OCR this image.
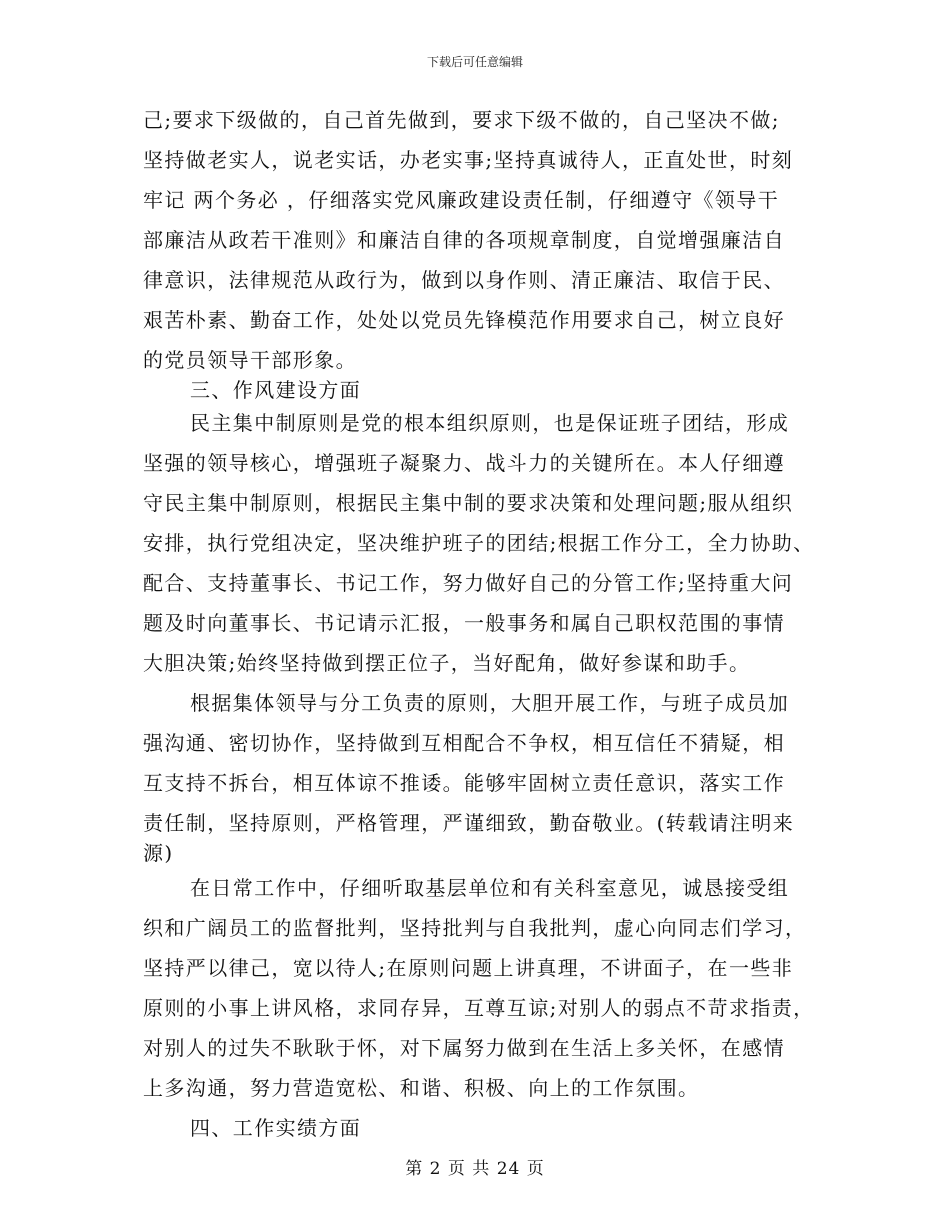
下载后可任意编辑
己;要求下级做的，自己首先做到，要求下级不做的，自己坚决不做;
坚持做老实人，说老实话，办老实事;坚持真诚待人，正直处世，时刻
牢记 两个务必 ，仔细落实党风廉政建设责任制，仔细遵守《领导干
部廉洁从政若干准则》和廉洁自律的各项规章制度，自觉增强廉洁自
律意识，法律规范从政行为，做到以身作则、清正廉洁、取信于民、
艰苦朴素、勤奋工作，处处以党员先锋模范作用要求自己，树立良好
的党员领导干部形象。
三、作风建设方面
民主集中制原则是党的根本组织原则，也是保证班子团结，形成
坚强的领导核心，增强班子凝聚力、战斗力的关键所在。本人仔细遵
守民主集中制原则，根据民主集中制的要求决策和处理问题;服从组织
安排，执行党组决定，坚决维护班子的团结;根据工作分工，全力协助、
配合、支持董事长、书记工作，努力做好自己的分管工作;坚持重大问
题及时向董事长、书记请示汇报，一般事务和属自己职权范围的事情
大胆决策;始终坚持做到摆正位子，当好配角，做好参谋和助手。
根据集体领导与分工负责的原则，大胆开展工作，与班子成员加
强沟通、密切协作，坚持做到互相配合不争权，相互信任不猜疑，相
互支持不拆台，相互体谅不推诿。能够牢固树立责任意识，落实工作
责任制，坚持原则，严格管理，严谨细致，勤奋敬业。(转载请注明来
源)
在日常工作中，仔细听取基层单位和有关科室意见，诚恳接受组
织和广阔员工的监督批判，坚持批判与自我批判，虚心向同志们学习，
坚持严以律己，宽以待人;在原则问题上讲真理，不讲面子，在一些非
原则的小事上讲风格，求同存异，互尊互谅;对别人的弱点不苛求指责，
对别人的过失不耿耿于怀，对下属努力做到在生活上多关怀，在感情
上多沟通，努力营造宽松、和谐、积极、向上的工作氛围。
四、工作实绩方面
第 2 页 共 24 页
